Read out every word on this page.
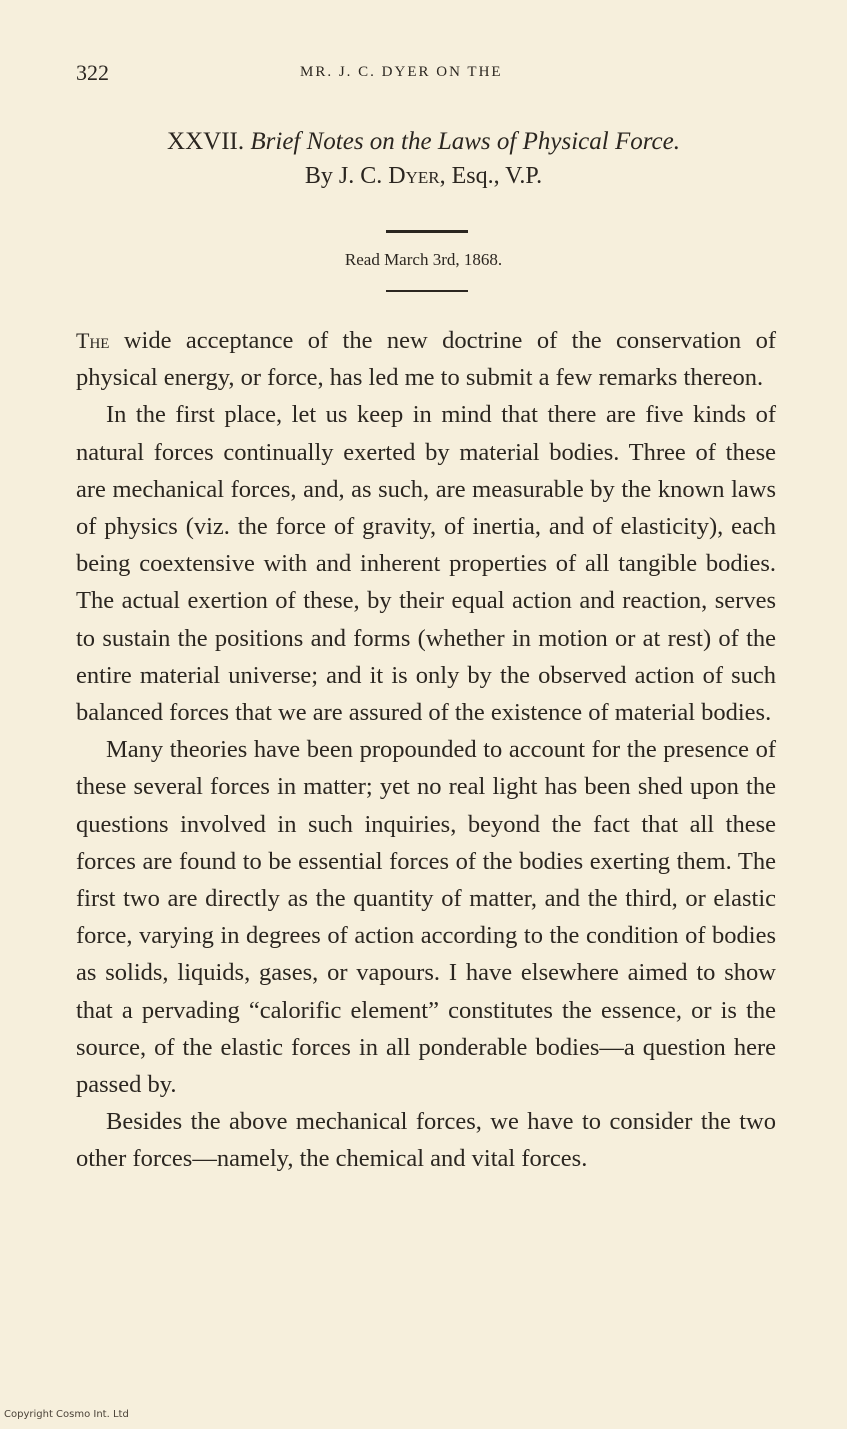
322	MR. J. C. DYER ON THE
XXVII. Brief Notes on the Laws of Physical Force.
By J. C. Dyer, Esq., V.P.
Read March 3rd, 1868.

The wide acceptance of the new doctrine of the conservation of physical energy, or force, has led me to submit a few remarks thereon.

In the first place, let us keep in mind that there are five kinds of natural forces continually exerted by material bodies. Three of these are mechanical forces, and, as such, are measurable by the known laws of physics (viz. the force of gravity, of inertia, and of elasticity), each being coextensive with and inherent properties of all tangible bodies. The actual exertion of these, by their equal action and reaction, serves to sustain the positions and forms (whether in motion or at rest) of the entire material universe; and it is only by the observed action of such balanced forces that we are assured of the existence of material bodies.

Many theories have been propounded to account for the presence of these several forces in matter; yet no real light has been shed upon the questions involved in such inquiries, beyond the fact that all these forces are found to be essential forces of the bodies exerting them. The first two are directly as the quantity of matter, and the third, or elastic force, varying in degrees of action according to the condition of bodies as solids, liquids, gases, or vapours. I have elsewhere aimed to show that a pervading “calorific element” constitutes the essence, or is the source, of the elastic forces in all ponderable bodies—a question here passed by.

Besides the above mechanical forces, we have to consider the two other forces—namely, the chemical and vital forces.

Copyright Cosmo Int. Ltd
